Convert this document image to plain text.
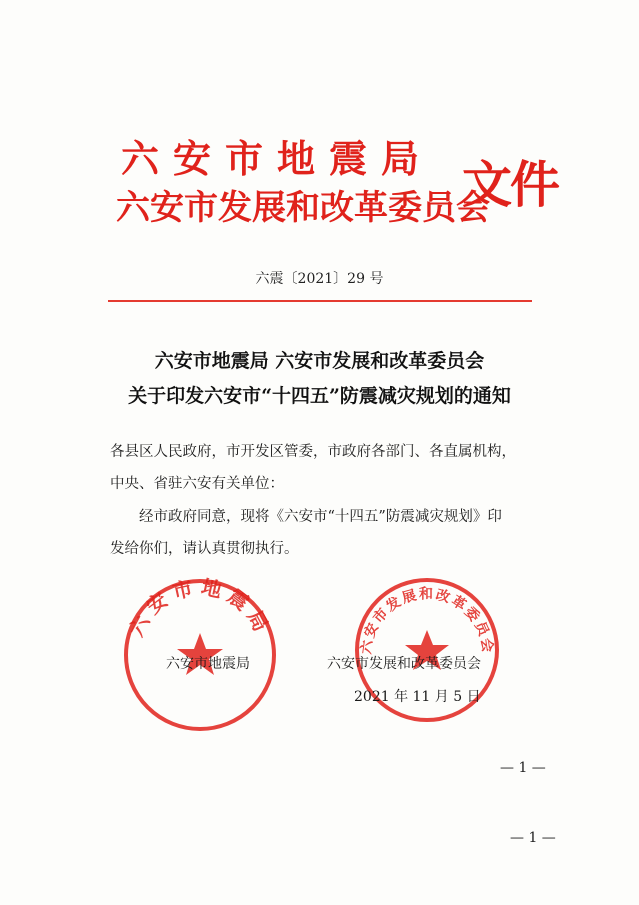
六安市地震局
六安市发展和改革委员会
文件
六震〔2021〕29 号
六安市地震局 六安市发展和改革委员会
关于印发六安市“十四五”防震减灾规划的通知
各县区人民政府，市开发区管委，市政府各部门、各直属机构，
中央、省驻六安有关单位：
经市政府同意，现将《六安市“十四五”防震减灾规划》印
发给你们，请认真贯彻执行。
六安市地震局
六安市发展和改革委员会
六安市地震局	六安市发展和改革委员会
2021 年 11 月 5 日
— 1 —
— 1 —
